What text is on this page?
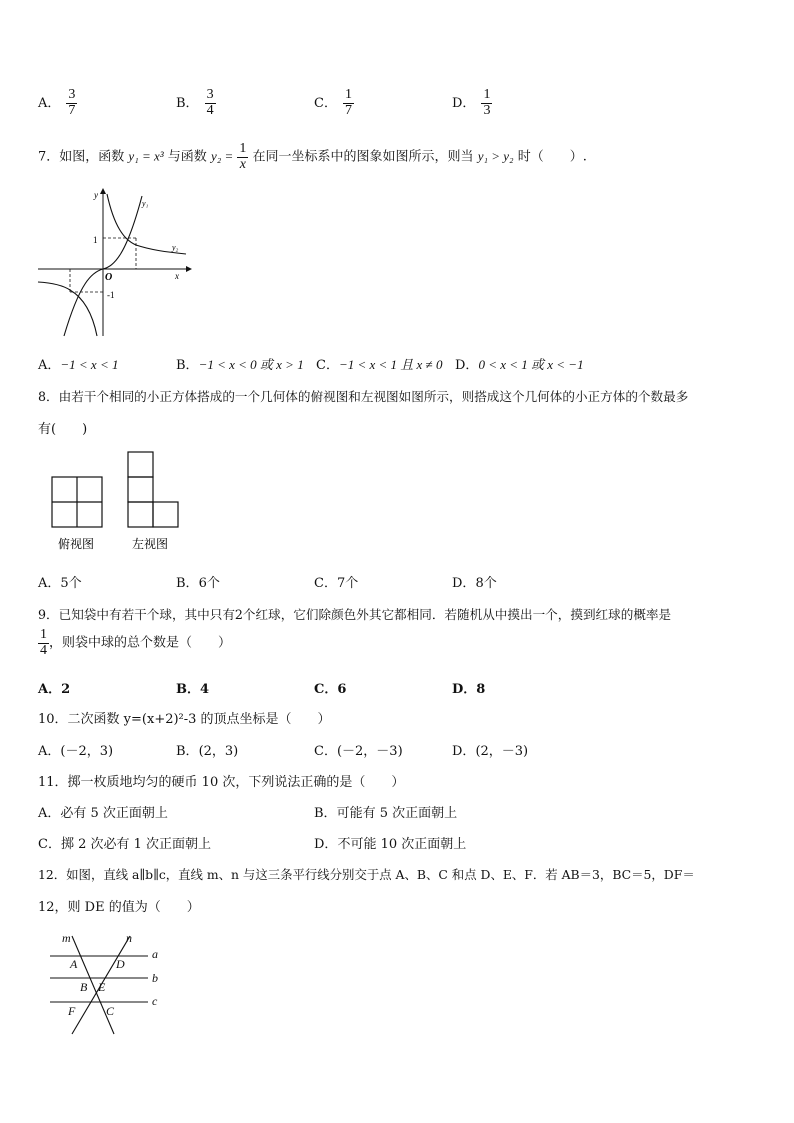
A． $\frac{3}{7}$	B． $\frac{3}{4}$	C． $\frac{1}{7}$	D． $\frac{1}{3}$
7．如图，函数 y₁ = x³ 与函数 $y_2 = \frac{1}{x}$ 在同一坐标系中的图象如图所示，则当 y₁ > y₂ 时（　　）.
y
x
O
1
-1
y₁
y₂
A．−1 < x < 1	B．−1 < x < 0 或 x > 1 C．−1 < x < 1 且 x ≠ 0 D．0 < x < 1 或 x < −1
8．由若干个相同的小正方体搭成的一个几何体的俯视图和左视图如图所示，则搭成这个几何体的小正方体的个数最多
有(　　)
俯视图	左视图
A．5个	B．6个	C．7个	D．8个
9．已知袋中有若干个球，其中只有2个红球，它们除颜色外其它都相同．若随机从中摸出一个，摸到红球的概率是
$\frac{1}{4}$ ，则袋中球的总个数是（　　）
A．2	B．4	C．6	D．8
10．二次函数 y=(x+2)²-3 的顶点坐标是（　　）
A．(－2，3)	B．(2，3)	C．(－2，－3)	D．(2，－3)
11．掷一枚质地均匀的硬币 10 次，下列说法正确的是（　　）
A．必有 5 次正面朝上	B．可能有 5 次正面朝上
C．掷 2 次必有 1 次正面朝上	D．不可能 10 次正面朝上
12．如图，直线 a∥b∥c，直线 m、n 与这三条平行线分别交于点 A、B、C 和点 D、E、F．若 AB＝3，BC＝5，DF＝
12，则 DE 的值为（　　）
m	n
a
b
c
A	D
B E
F	C
